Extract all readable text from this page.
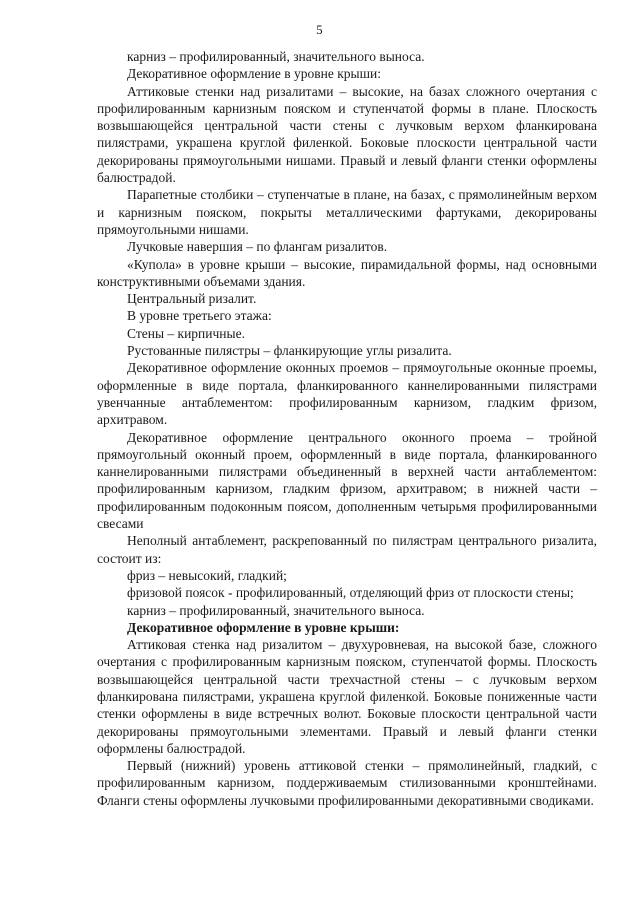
5

карниз – профилированный, значительного выноса.

Декоративное оформление в уровне крыши:

Аттиковые стенки над ризалитами – высокие, на базах сложного очертания с профилированным карнизным пояском и ступенчатой формы в плане. Плоскость возвышающейся центральной части стены с лучковым верхом фланкирована пилястрами, украшена круглой филенкой. Боковые плоскости центральной части декорированы прямоугольными нишами. Правый и левый фланги стенки оформлены балюстрадой.

Парапетные столбики – ступенчатые в плане, на базах, с прямолинейным верхом и карнизным пояском, покрыты металлическими фартуками, декорированы прямоугольными нишами.

Лучковые навершия – по флангам ризалитов.

«Купола» в уровне крыши – высокие, пирамидальной формы, над основными конструктивными объемами здания.

Центральный ризалит.

В уровне третьего этажа:

Стены – кирпичные.

Рустованные пилястры – фланкирующие углы ризалита.

Декоративное оформление оконных проемов – прямоугольные оконные проемы, оформленные в виде портала, фланкированного каннелированными пилястрами увенчанные антаблементом: профилированным карнизом, гладким фризом, архитравом.

Декоративное оформление центрального оконного проема – тройной прямоугольный оконный проем, оформленный в виде портала, фланкированного каннелированными пилястрами объединенный в верхней части антаблементом: профилированным карнизом, гладким фризом, архитравом; в нижней части – профилированным подоконным поясом, дополненным четырьмя профилированными свесами

Неполный антаблемент, раскрепованный по пилястрам центрального ризалита, состоит из:

фриз – невысокий, гладкий;

фризовой поясок - профилированный, отделяющий фриз от плоскости стены;

карниз – профилированный, значительного выноса.

Декоративное оформление в уровне крыши:

Аттиковая стенка над ризалитом – двухуровневая, на высокой базе, сложного очертания с профилированным карнизным пояском, ступенчатой формы. Плоскость возвышающейся центральной части трехчастной стены – с лучковым верхом фланкирована пилястрами, украшена круглой филенкой. Боковые пониженные части стенки оформлены в виде встречных волют. Боковые плоскости центральной части декорированы прямоугольными элементами. Правый и левый фланги стенки оформлены балюстрадой.

Первый (нижний) уровень аттиковой стенки – прямолинейный, гладкий, с профилированным карнизом, поддерживаемым стилизованными кронштейнами. Фланги стены оформлены лучковыми профилированными декоративными сводиками.
